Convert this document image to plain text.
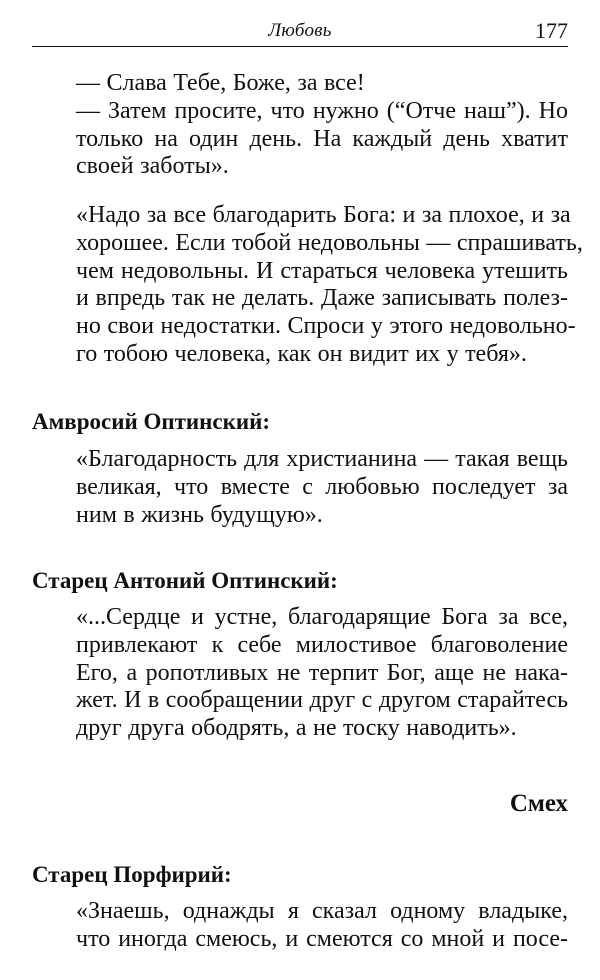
Любовь	177
— Слава Тебе, Боже, за все!
— Затем просите, что нужно (“Отче наш”). Но
только на один день. На каждый день хватит
своей заботы».
«Надо за все благодарить Бога: и за плохое, и за
хорошее. Если тобой недовольны — спрашивать,
чем недовольны. И стараться человека утешить
и впредь так не делать. Даже записывать полез-
но свои недостатки. Спроси у этого недовольно-
го тобою человека, как он видит их у тебя».
Амвросий Оптинский:
«Благодарность для христианина — такая вещь
великая, что вместе с любовью последует за
ним в жизнь будущую».
Старец Антоний Оптинский:
«...Сердце и устне, благодарящие Бога за все,
привлекают к себе милостивое благоволение
Его, а ропотливых не терпит Бог, аще не нака-
жет. И в сообращении друг с другом старайтесь
друг друга ободрять, а не тоску наводить».
Смех
Старец Порфирий:
«Знаешь, однажды я сказал одному владыке,
что иногда смеюсь, и смеются со мной и посе-
